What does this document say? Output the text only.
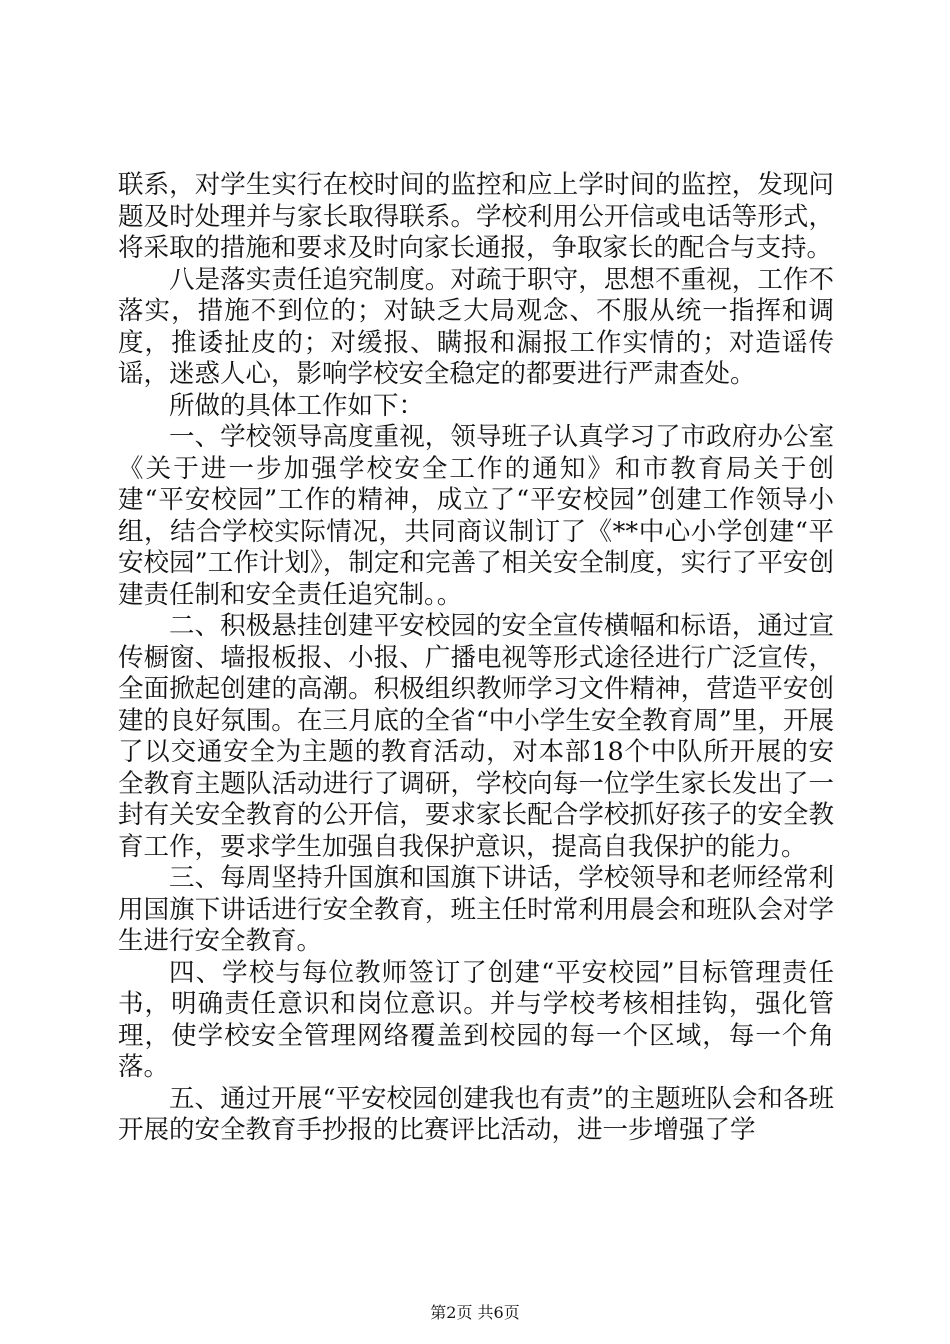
联系，对学生实行在校时间的监控和应上学时间的监控，发现问题及时处理并与家长取得联系。学校利用公开信或电话等形式，将采取的措施和要求及时向家长通报，争取家长的配合与支持。

八是落实责任追究制度。对疏于职守，思想不重视，工作不落实，措施不到位的；对缺乏大局观念、不服从统一指挥和调度，推诿扯皮的；对缓报、瞒报和漏报工作实情的；对造谣传谣，迷惑人心，影响学校安全稳定的都要进行严肃查处。

所做的具体工作如下：

一、学校领导高度重视，领导班子认真学习了市政府办公室《关于进一步加强学校安全工作的通知》和市教育局关于创建“平安校园”工作的精神，成立了“平安校园”创建工作领导小组，结合学校实际情况，共同商议制订了《**中心小学创建“平安校园”工作计划》，制定和完善了相关安全制度，实行了平安创建责任制和安全责任追究制。。

二、积极悬挂创建平安校园的安全宣传横幅和标语，通过宣传橱窗、墙报板报、小报、广播电视等形式途径进行广泛宣传，全面掀起创建的高潮。积极组织教师学习文件精神，营造平安创建的良好氛围。在三月底的全省“中小学生安全教育周”里，开展了以交通安全为主题的教育活动，对本部18个中队所开展的安全教育主题队活动进行了调研，学校向每一位学生家长发出了一封有关安全教育的公开信，要求家长配合学校抓好孩子的安全教育工作，要求学生加强自我保护意识，提高自我保护的能力。

三、每周坚持升国旗和国旗下讲话，学校领导和老师经常利用国旗下讲话进行安全教育，班主任时常利用晨会和班队会对学生进行安全教育。

四、学校与每位教师签订了创建“平安校园”目标管理责任书，明确责任意识和岗位意识。并与学校考核相挂钩，强化管理，使学校安全管理网络覆盖到校园的每一个区域，每一个角落。

五、通过开展“平安校园创建我也有责”的主题班队会和各班开展的安全教育手抄报的比赛评比活动，进一步增强了学

第2页 共6页
